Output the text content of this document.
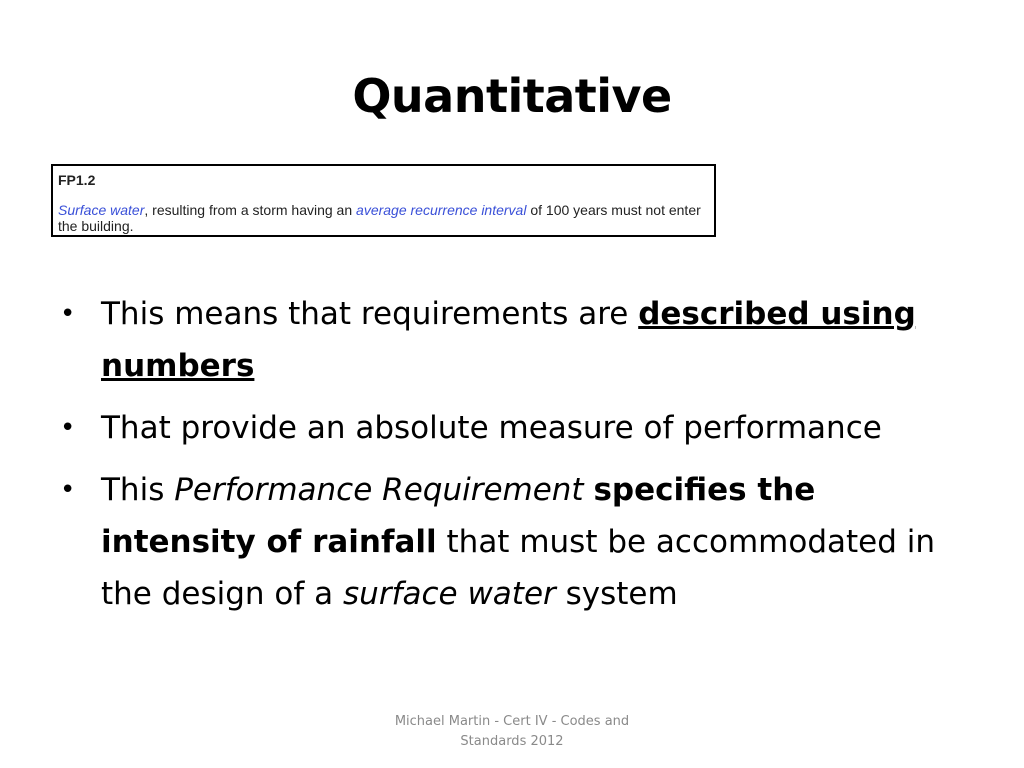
Quantitative
FP1.2
Surface water, resulting from a storm having an average recurrence interval of 100 years must not enter the building.
• This means that requirements are described using numbers
• That provide an absolute measure of performance
• This Performance Requirement specifies the intensity of rainfall that must be accommodated in the design of a surface water system
Michael Martin - Cert IV - Codes and
Standards 2012
